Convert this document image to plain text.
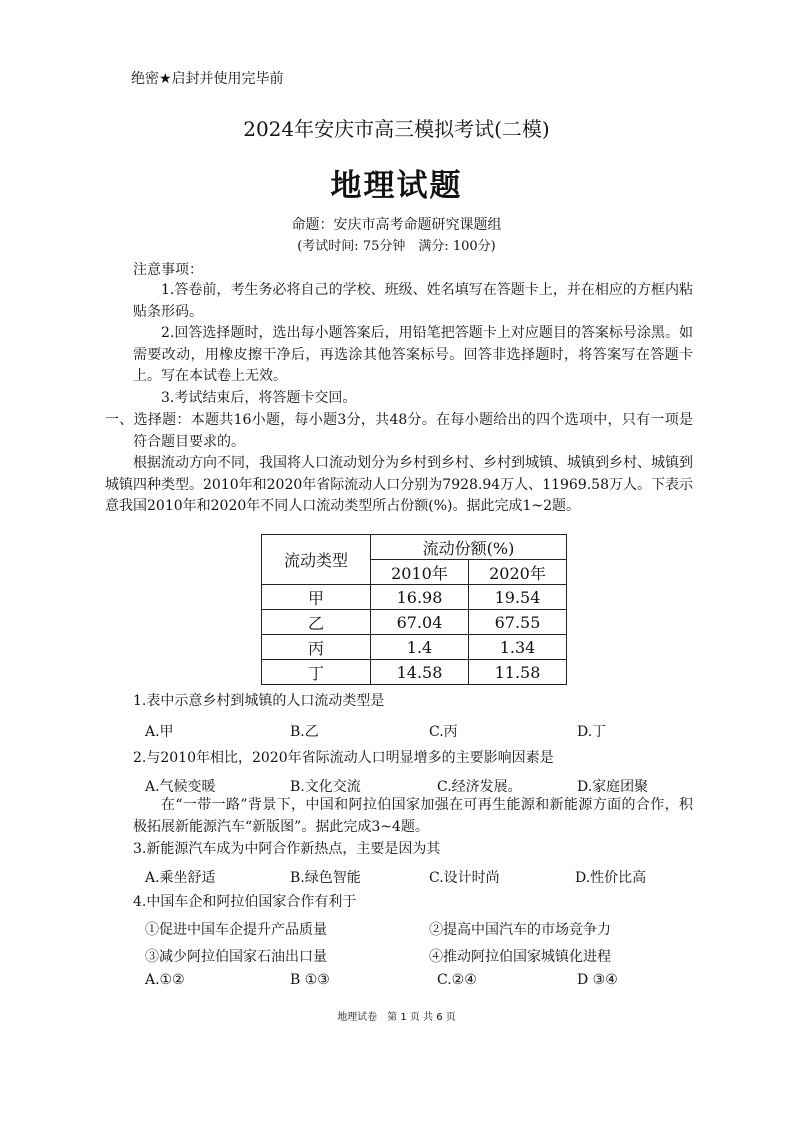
绝密★启封并使用完毕前
2024年安庆市高三模拟考试(二模)
地理试题
命题：安庆市高考命题研究课题组
(考试时间: 75分钟　满分: 100分)
注意事项：
1.答卷前，考生务必将自己的学校、班级、姓名填写在答题卡上，并在相应的方框内粘贴条形码。
2.回答选择题时，选出每小题答案后，用铅笔把答题卡上对应题目的答案标号涂黑。如需要改动，用橡皮擦干净后，再选涂其他答案标号。回答非选择题时，将答案写在答题卡上。写在本试卷上无效。
3.考试结束后，将答题卡交回。
一、选择题：本题共16小题，每小题3分，共48分。在每小题给出的四个选项中，只有一项是符合题目要求的。
根据流动方向不同，我国将人口流动划分为乡村到乡村、乡村到城镇、城镇到乡村、城镇到城镇四种类型。2010年和2020年省际流动人口分别为7928.94万人、11969.58万人。下表示意我国2010年和2020年不同人口流动类型所占份额(%)。据此完成1~2题。
流动类型	流动份额(%)	
	2010年	2020年
甲	16.98	19.54
乙	67.04	67.55
丙	1.4	1.34
丁	14.58	11.58
1.表中示意乡村到城镇的人口流动类型是
A.甲	B.乙	C.丙	D.丁
2.与2010年相比，2020年省际流动人口明显增多的主要影响因素是
A.气候变暖	B.文化交流	C.经济发展。	D.家庭团聚
在“一带一路”背景下，中国和阿拉伯国家加强在可再生能源和新能源方面的合作，积极拓展新能源汽车“新版图”。据此完成3~4题。
3.新能源汽车成为中阿合作新热点，主要是因为其
A.乘坐舒适	B.绿色智能	C.设计时尚	D.性价比高
4.中国车企和阿拉伯国家合作有利于
①促进中国车企提升产品质量	②提高中国汽车的市场竞争力
③减少阿拉伯国家石油出口量	④推动阿拉伯国家城镇化进程
A.①②	B ①③	C.②④	D ③④
地理试卷　第 1 页 共 6 页
